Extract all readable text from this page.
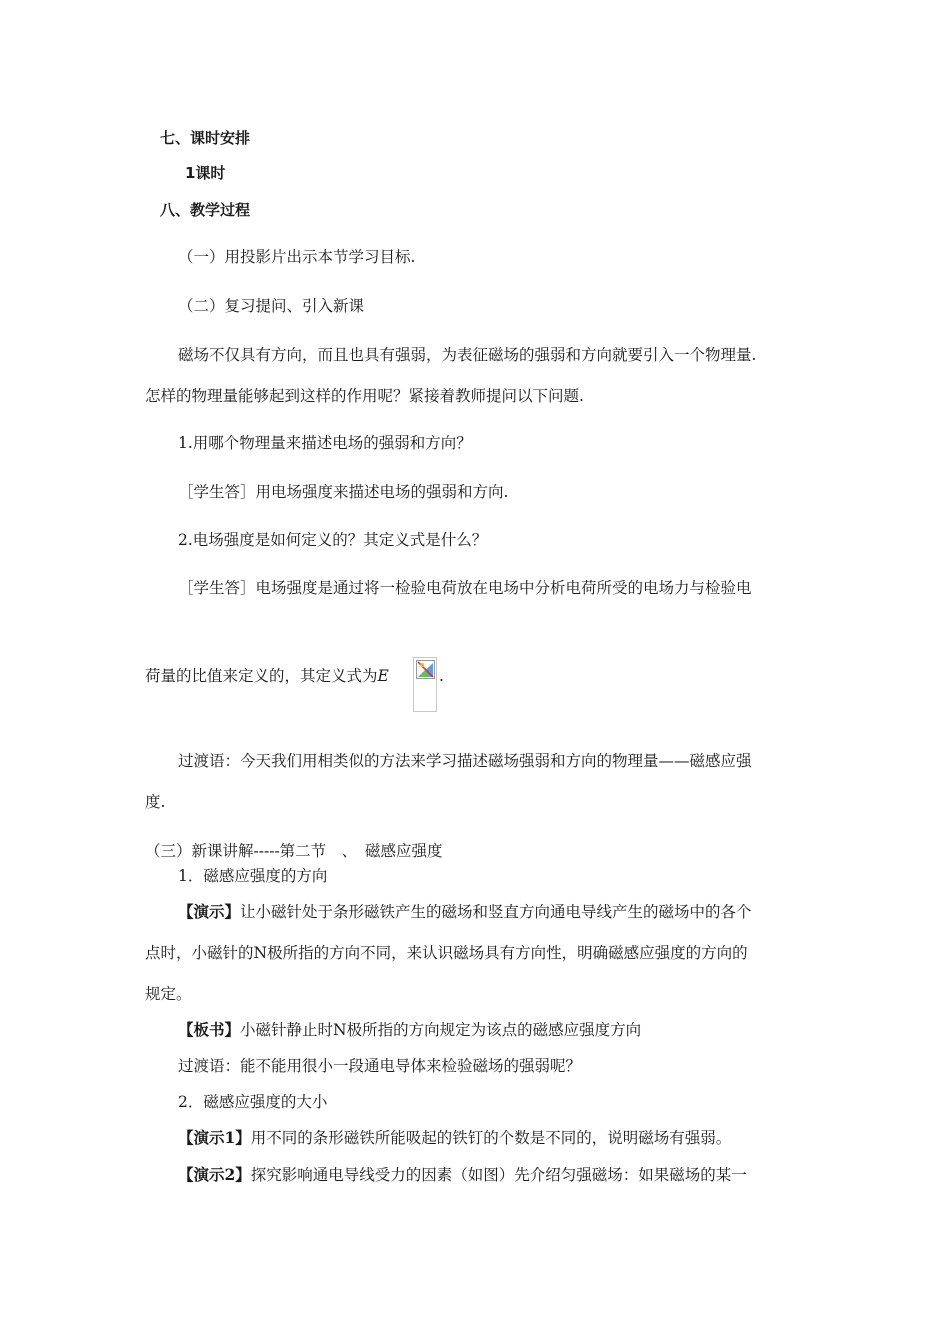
七、课时安排
1课时
八、教学过程
（一）用投影片出示本节学习目标.
（二）复习提问、引入新课
磁场不仅具有方向，而且也具有强弱，为表征磁场的强弱和方向就要引入一个物理量.
怎样的物理量能够起到这样的作用呢？紧接着教师提问以下问题.
1.用哪个物理量来描述电场的强弱和方向？
［学生答］用电场强度来描述电场的强弱和方向.
2.电场强度是如何定义的？其定义式是什么？
［学生答］电场强度是通过将一检验电荷放在电场中分析电荷所受的电场力与检验电
荷量的比值来定义的，其定义式为E	.
过渡语：今天我们用相类似的方法来学习描述磁场强弱和方向的物理量——磁感应强
度.
（三）新课讲解-----第二节　、　磁感应强度
1．磁感应强度的方向
【演示】让小磁针处于条形磁铁产生的磁场和竖直方向通电导线产生的磁场中的各个
点时，小磁针的N极所指的方向不同，来认识磁场具有方向性，明确磁感应强度的方向的
规定。
【板书】小磁针静止时N极所指的方向规定为该点的磁感应强度方向
过渡语：能不能用很小一段通电导体来检验磁场的强弱呢？
2．磁感应强度的大小
【演示1】用不同的条形磁铁所能吸起的铁钉的个数是不同的，说明磁场有强弱。
【演示2】探究影响通电导线受力的因素（如图）先介绍匀强磁场：如果磁场的某一
